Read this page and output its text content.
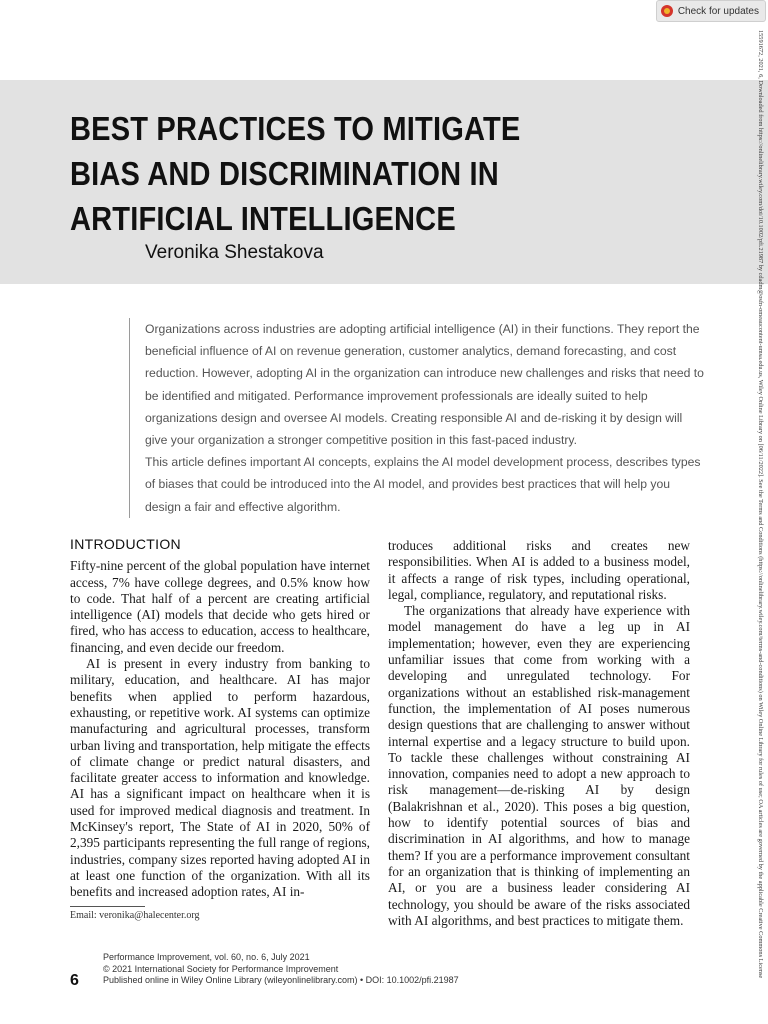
Check for updates
15591672, 2021, 6, Downloaded from https://onlinelibrary.wiley.com/doi/10.1002/pfi.21987 by cdadm@osfn-omeaucontent-umsa.edu.us, Wiley Online Library on [06/11/2022]. See the Terms and Conditions (https://onlinelibrary.wiley.com/terms-and-conditions) on Wiley Online Library for rules of use; OA articles are governed by the applicable Creative Commons License
BEST PRACTICES TO MITIGATE BIAS AND DISCRIMINATION IN ARTIFICIAL INTELLIGENCE
Veronika Shestakova

Organizations across industries are adopting artificial intelligence (AI) in their functions. They report the beneficial influence of AI on revenue generation, customer analytics, demand forecasting, and cost reduction. However, adopting AI in the organization can introduce new challenges and risks that need to be identified and mitigated. Performance improvement professionals are ideally suited to help organizations design and oversee AI models. Creating responsible AI and de-risking it by design will give your organization a stronger competitive position in this fast-paced industry.

This article defines important AI concepts, explains the AI model development process, describes types of biases that could be introduced into the AI model, and provides best practices that will help you design a fair and effective algorithm.

INTRODUCTION

Fifty-nine percent of the global population have internet access, 7% have college degrees, and 0.5% know how to code. That half of a percent are creating artificial intelligence (AI) models that decide who gets hired or fired, who has access to education, access to healthcare, financing, and even decide our freedom.

AI is present in every industry from banking to military, education, and healthcare. AI has major benefits when applied to perform hazardous, exhausting, or repetitive work. AI systems can optimize manufacturing and agricultural processes, transform urban living and transportation, help mitigate the effects of climate change or predict natural disasters, and facilitate greater access to information and knowledge. AI has a significant impact on healthcare when it is used for improved medical diagnosis and treatment. In McKinsey's report, The State of AI in 2020, 50% of 2,395 participants representing the full range of regions, industries, company sizes reported having adopted AI in at least one function of the organization. With all its benefits and increased adoption rates, AI in-

troduces additional risks and creates new responsibilities. When AI is added to a business model, it affects a range of risk types, including operational, legal, compliance, regulatory, and reputational risks.

The organizations that already have experience with model management do have a leg up in AI implementation; however, even they are experiencing unfamiliar issues that come from working with a developing and unregulated technology. For organizations without an established risk-management function, the implementation of AI poses numerous design questions that are challenging to answer without internal expertise and a legacy structure to build upon. To tackle these challenges without constraining AI innovation, companies need to adopt a new approach to risk management—de-risking AI by design (Balakrishnan et al., 2020). This poses a big question, how to identify potential sources of bias and discrimination in AI algorithms, and how to manage them? If you are a performance improvement consultant for an organization that is thinking of implementing an AI, or you are a business leader considering AI technology, you should be aware of the risks associated with AI algorithms, and best practices to mitigate them.

Email: veronika@halecenter.org
6
Performance Improvement, vol. 60, no. 6, July 2021
© 2021 International Society for Performance Improvement
Published online in Wiley Online Library (wileyonlinelibrary.com) • DOI: 10.1002/pfi.21987
